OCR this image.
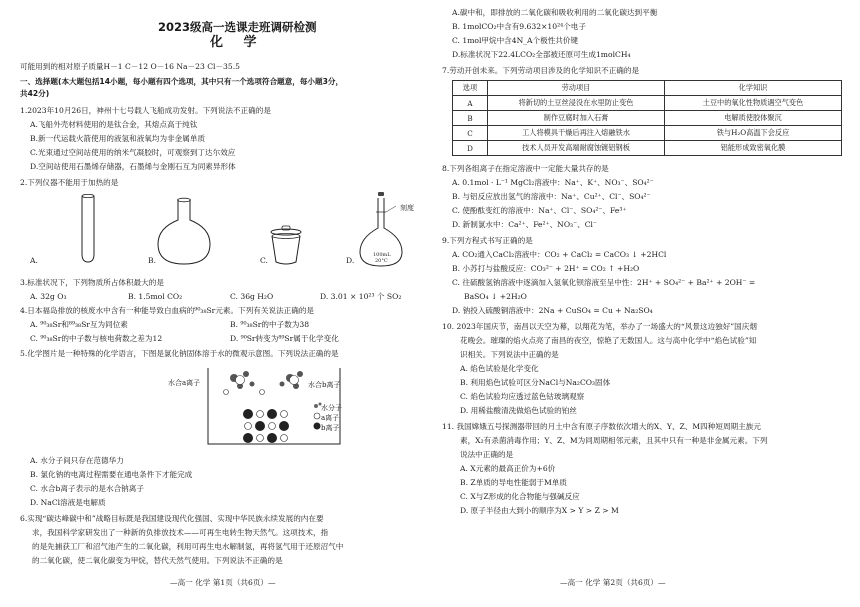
2023级高一选课走班调研检测
化 学
可能用到的相对原子质量H－1 C－12 O－16 Na－23 Cl－35.5
一、选择题(本大题包括14小题，每小题有四个选项，其中只有一个选项符合题意，每小题3分，
共42分)
1.2023年10月26日，神州十七号载人飞船成功发射。下列说法不正确的是
A.飞船外壳材料使用的是钛合金，其熔点高于纯钛
B.新一代运载火箭使用的液氢和液氧均为非金属单质
C.光束通过空间站使用的纳米气凝胶时，可观察到丁达尔效应
D.空间站使用石墨烯存储器，石墨烯与金刚石互为同素异形体
2.下列仪器不能用于加热的是
刻度
100mL
20°C
A.	B.	C.	D.
3.标准状况下，下列物质所占体积最大的是
A. 32g O₃	B. 1.5mol CO₂	C. 36g H₂O	D. 3.01 × 10²³ 个 SO₂
4.日本福岛排放的核废水中含有一种能导致白血病的⁹⁰₃₈Sr元素。下列有关说法正确的是
A. ⁹⁰₃₈Sr和⁸⁹₃₈Sr互为同位素	B. ⁹⁰₃₈Sr的中子数为38
C. ⁹⁰₃₈Sr的中子数与核电荷数之差为12	D. ⁹⁰Sr转变为⁸⁹Sr属于化学变化
5.化学图片是一种特殊的化学语言，下图是氯化钠固体溶于水的微观示意图。下列说法正确的是
水合a离子	水合b离子
水分子
a离子
b离子
A. 水分子间只存在范德华力
B. 氯化钠的电离过程需要在通电条件下才能完成
C. 水合b离子表示的是水合钠离子
D. NaCl溶液是电解质
6.实现“碳达峰碳中和”战略目标既是我国建设现代化强国、实现中华民族永续发展的内在要
求，我国科学家研发出了一种新的负排放技术——可再生电转生物天然气。这项技术，指
的是先捕获工厂和沼气池产生的二氧化碳，利用可再生电水解制氢，再将氢气用于还原沼气中
的二氧化碳，使二氧化碳变为甲烷，替代天然气使用。下列说法不正确的是
—高一 化学 第1页（共6页）—
A.碳中和，即排放的二氧化碳和吸收利用的二氧化碳达到平衡
B. 1molCO₂中含有9.632×10²⁴个电子
C. 1mol甲烷中含4N_A个极性共价键
D.标准状况下22.4LCO₂全部被还原可生成1molCH₄
7.劳动开创未来。下列劳动项目涉及的化学知识不正确的是
选项	劳动项目	化学知识
A	将新切的土豆丝浸没在水里防止变色	土豆中的氧化性物质遇空气变色
B	制作豆腐时加入石膏	电解质使胶体聚沉
C	工人将模具干燥后再注入熔融铁水	铁与H₂O高温下会反应
D	技术人员开发高端耐腐蚀镀铝钢板	铝能形成致密氧化膜
8.下列各组离子在指定溶液中一定能大量共存的是
A. 0.1mol · L⁻¹ MgCl₂溶液中：Na⁺、K⁺、NO₃⁻、SO₄²⁻
B. 与铝反应放出氢气的溶液中：Na⁺、Cu²⁺、Cl⁻、SO₄²⁻
C. 使酚酞变红的溶液中：Na⁺、Cl⁻、SO₄²⁻、Fe³⁺
D. 新制氯水中：Ca²⁺、Fe²⁺、NO₃⁻、Cl⁻
9.下列方程式书写正确的是
A. CO₂通入CaCl₂溶液中：CO₂ + CaCl₂ = CaCO₃ ↓ +2HCl
B. 小苏打与盐酸反应：CO₃²⁻ + 2H⁺ = CO₂ ↑ +H₂O
C. 往硫酸氢钠溶液中逐滴加入氢氧化钡溶液至呈中性：2H⁺ + SO₄²⁻ + Ba²⁺ + 2OH⁻ =
BaSO₄ ↓ +2H₂O
D. 钠投入硫酸铜溶液中：2Na + CuSO₄ = Cu + Na₂SO₄
10. 2023年国庆节，南昌以天空为幕，以翔花为笔，举办了一场盛大的“风景这边独好”国庆烟
花晚会。璀璨的焰火点亮了南昌的夜空，惊艳了无数国人。这与高中化学中“焰色试验”知
识相关。下列说法中正确的是
A. 焰色试验是化学变化
B. 利用焰色试验可区分NaCl与Na₂CO₃固体
C. 焰色试验均应透过蓝色钴玻璃观察
D. 用稀盐酸清洗做焰色试验的铂丝
11. 我国嫦娥五号探测器带回的月土中含有原子序数依次增大的X、Y、Z、M四种短周期主族元
素，X₂有杀菌消毒作用；Y、Z、M为同周期相邻元素，且其中只有一种是非金属元素。下列
说法中正确的是
A. X元素的最高正价为+6价
B. Z单质的导电性能弱于M单质
C. X与Z形成的化合物能与强碱反应
D. 原子半径由大到小的顺序为X > Y > Z > M
—高一 化学 第2页（共6页）—
